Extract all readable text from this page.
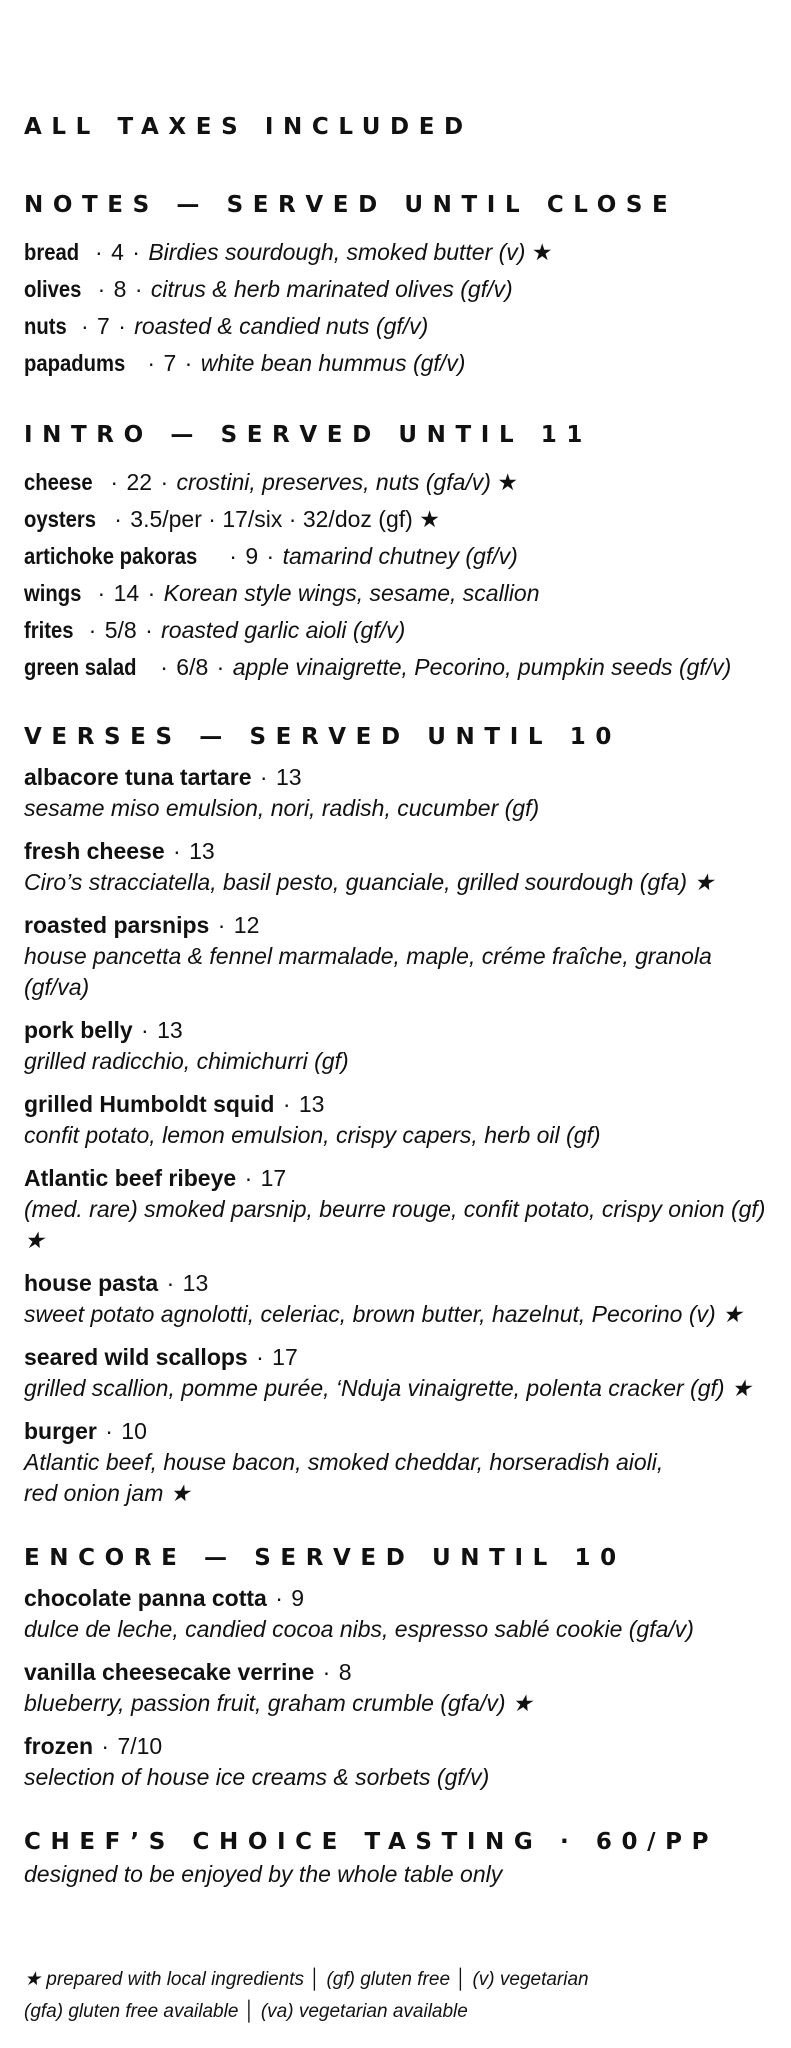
ALL TAXES INCLUDED
NOTES — SERVED UNTIL CLOSE
bread · 4 · Birdies sourdough, smoked butter (v) ★
olives · 8 · citrus & herb marinated olives (gf/v)
nuts · 7 · roasted & candied nuts (gf/v)
papadums · 7 · white bean hummus (gf/v)
INTRO — SERVED UNTIL 11
cheese · 22 · crostini, preserves, nuts (gfa/v) ★
oysters · 3.5/per · 17/six · 32/doz (gf) ★
artichoke pakoras · 9 · tamarind chutney (gf/v)
wings · 14 · Korean style wings, sesame, scallion
frites · 5/8 · roasted garlic aioli (gf/v)
green salad · 6/8 · apple vinaigrette, Pecorino, pumpkin seeds (gf/v)
VERSES — SERVED UNTIL 10
albacore tuna tartare · 13
sesame miso emulsion, nori, radish, cucumber (gf)
fresh cheese · 13
Ciro’s stracciatella, basil pesto, guanciale, grilled sourdough (gfa) ★
roasted parsnips · 12
house pancetta & fennel marmalade, maple, créme fraîche, granola (gf/va)
pork belly · 13
grilled radicchio, chimichurri (gf)
grilled Humboldt squid · 13
confit potato, lemon emulsion, crispy capers, herb oil (gf)
Atlantic beef ribeye · 17
(med. rare) smoked parsnip, beurre rouge, confit potato, crispy onion (gf) ★
house pasta · 13
sweet potato agnolotti, celeriac, brown butter, hazelnut, Pecorino (v) ★
seared wild scallops · 17
grilled scallion, pomme purée, ‘Nduja vinaigrette, polenta cracker (gf) ★
burger · 10
Atlantic beef, house bacon, smoked cheddar, horseradish aioli,
red onion jam ★
ENCORE — SERVED UNTIL 10
chocolate panna cotta · 9
dulce de leche, candied cocoa nibs, espresso sablé cookie (gfa/v)
vanilla cheesecake verrine · 8
blueberry, passion fruit, graham crumble (gfa/v) ★
frozen · 7/10
selection of house ice creams & sorbets (gf/v)
CHEF’S CHOICE TASTING · 60/PP
designed to be enjoyed by the whole table only
★ prepared with local ingredients │ (gf) gluten free │ (v) vegetarian
(gfa) gluten free available │ (va) vegetarian available
